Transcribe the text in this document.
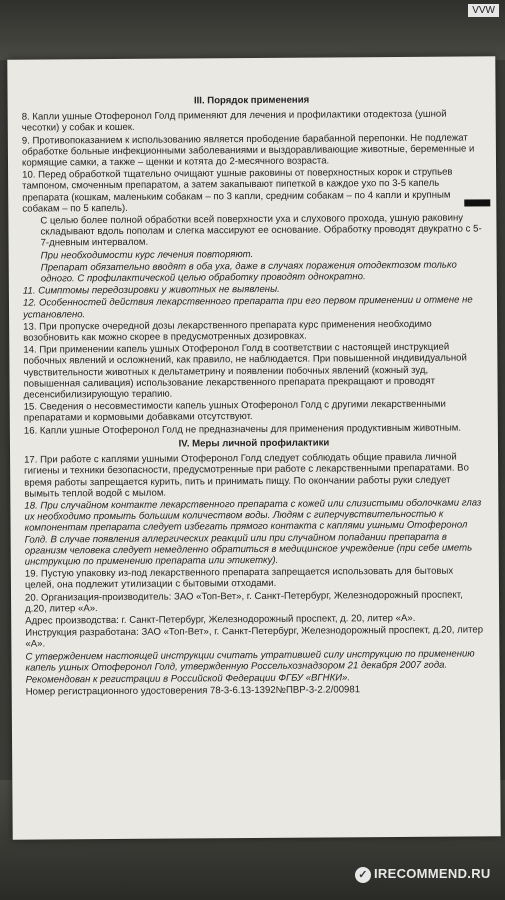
VVW

III. Порядок применения

8. Капли ушные Отоферонол Голд применяют для лечения и профилактики отодектоза (ушной чесотки) у собак и кошек.

9. Противопоказанием к использованию является прободение барабанной перепонки. Не подлежат обработке больные инфекционными заболеваниями и выздоравливающие животные, беременные и кормящие самки, а также – щенки и котята до 2-месячного возраста.

10. Перед обработкой тщательно очищают ушные раковины от поверхностных корок и струпьев тампоном, смоченным препаратом, а затем закапывают пипеткой в каждое ухо по 3-5 капель препарата (кошкам, маленьким собакам – по 3 капли, средним собакам – по 4 капли и крупным собакам – по 5 капель).

С целью более полной обработки всей поверхности уха и слухового прохода, ушную раковину складывают вдоль пополам и слегка массируют ее основание. Обработку проводят двукратно с 5-7-дневным интервалом.

При необходимости курс лечения повторяют.

Препарат обязательно вводят в оба уха, даже в случаях поражения отодектозом только одного. С профилактической целью обработку проводят однократно.

11. Симптомы передозировки у животных не выявлены.

12. Особенностей действия лекарственного препарата при его первом применении и отмене не установлено.

13. При пропуске очередной дозы лекарственного препарата курс применения необходимо возобновить как можно скорее в предусмотренных дозировках.

14. При применении капель ушных Отоферонол Голд в соответствии с настоящей инструкцией побочных явлений и осложнений, как правило, не наблюдается. При повышенной индивидуальной чувствительности животных к дельтаметрину и появлении побочных явлений (кожный зуд, повышенная саливация) использование лекарственного препарата прекращают и проводят десенсибилизирующую терапию.

15. Сведения о несовместимости капель ушных Отоферонол Голд с другими лекарственными препаратами и кормовыми добавками отсутствуют.

16. Капли ушные Отоферонол Голд не предназначены для применения продуктивным животным.

IV. Меры личной профилактики

17. При работе с каплями ушными Отоферонол Голд следует соблюдать общие правила личной гигиены и техники безопасности, предусмотренные при работе с лекарственными препаратами. Во время работы запрещается курить, пить и принимать пищу. По окончании работы руки следует вымыть теплой водой с мылом.

18. При случайном контакте лекарственного препарата с кожей или слизистыми оболочками глаз их необходимо промыть большим количеством воды. Людям с гиперчувствительностью к компонентам препарата следует избегать прямого контакта с каплями ушными Отоферонол Голд. В случае появления аллергических реакций или при случайном попадании препарата в организм человека следует немедленно обратиться в медицинское учреждение (при себе иметь инструкцию по применению препарата или этикетку).

19. Пустую упаковку из-под лекарственного препарата запрещается использовать для бытовых целей, она подлежит утилизации с бытовыми отходами.

20. Организация-производитель: ЗАО «Топ-Вет», г. Санкт-Петербург, Железнодорожный проспект, д.20, литер «А».

Адрес производства: г. Санкт-Петербург, Железнодорожный проспект, д. 20, литер «А».

Инструкция разработана: ЗАО «Топ-Вет», г. Санкт-Петербург, Железнодорожный проспект, д.20, литер «А».

С утверждением настоящей инструкции считать утратившей силу инструкцию по применению капель ушных Отоферонол Голд, утвержденную Россельхознадзором 21 декабря 2007 года.

Рекомендован к регистрации в Российской Федерации ФГБУ «ВГНКИ».

Номер регистрационного удостоверения 78-3-6.13-1392№ПВР-3-2.2/00981

✓ IRECOMMEND.RU
